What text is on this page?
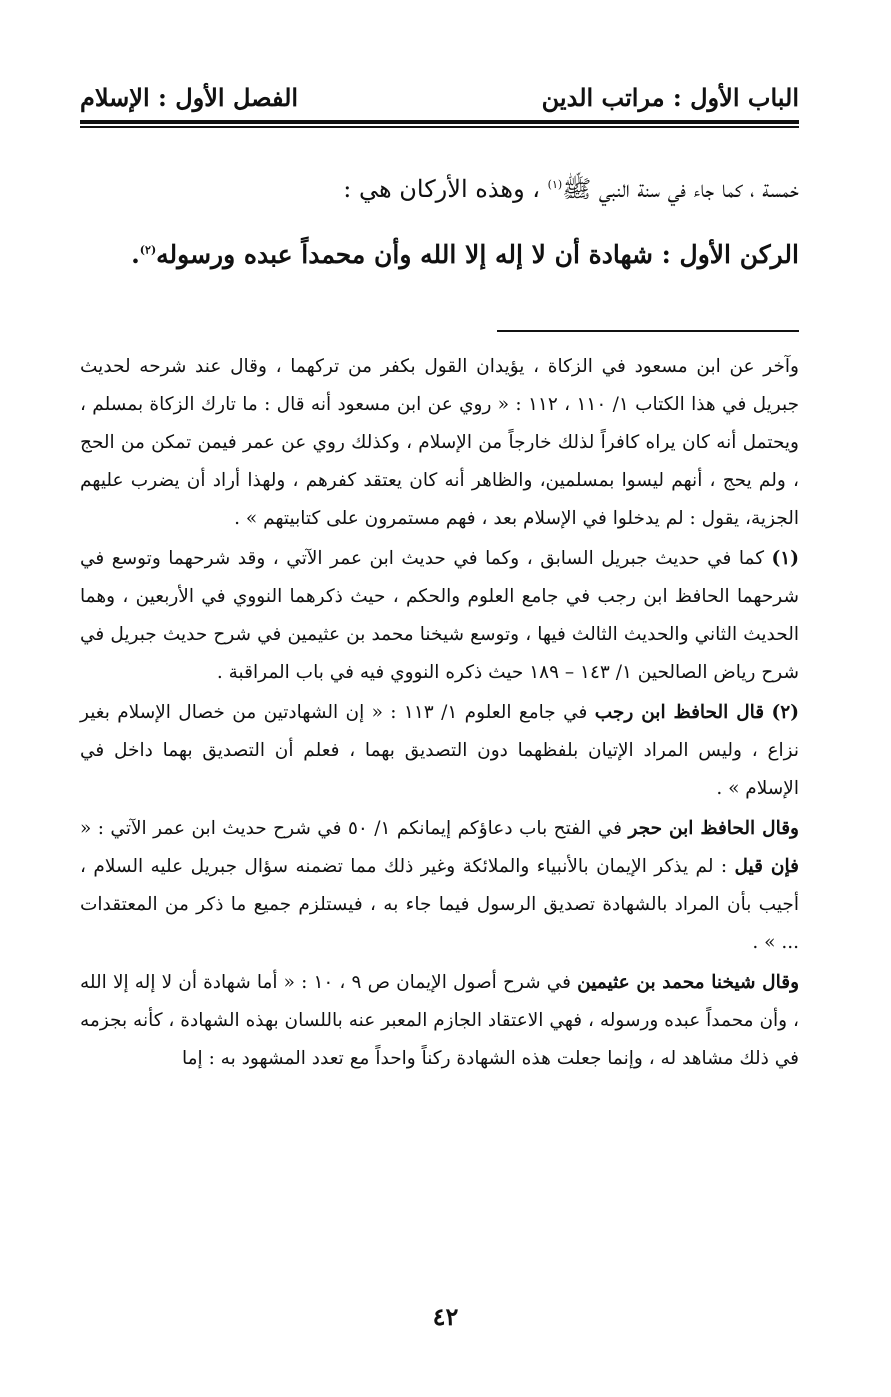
الباب الأول : مراتب الدين
الفصل الأول : الإسلام
خمسة ، كما جاء في سنة النبي ﷺ$^{(١)}$ ، وهذه الأركان هي :
الركن الأول : شهادة أن لا إله إلا الله وأن محمداً عبده ورسوله$^{(٢)}$.

وآخر عن ابن مسعود في الزكاة ، يؤيدان القول بكفر من تركهما ، وقال عند شرحه لحديث جبريل في هذا الكتاب ١/ ١١٠ ، ١١٢ : « روي عن ابن مسعود أنه قال : ما تارك الزكاة بمسلم ، ويحتمل أنه كان يراه كافراً لذلك خارجاً من الإسلام ، وكذلك روي عن عمر فيمن تمكن من الحج ، ولم يحج ، أنهم ليسوا بمسلمين، والظاهر أنه كان يعتقد كفرهم ، ولهذا أراد أن يضرب عليهم الجزية، يقول : لم يدخلوا في الإسلام بعد ، فهم مستمرون على كتابيتهم » .

(١) كما في حديث جبريل السابق ، وكما في حديث ابن عمر الآتي ، وقد شرحهما وتوسع في شرحهما الحافظ ابن رجب في جامع العلوم والحكم ، حيث ذكرهما النووي في الأربعين ، وهما الحديث الثاني والحديث الثالث فيها ، وتوسع شيخنا محمد بن عثيمين في شرح حديث جبريل في شرح رياض الصالحين ١/ ١٤٣ – ١٨٩ حيث ذكره النووي فيه في باب المراقبة .

(٢) قال الحافظ ابن رجب في جامع العلوم ١/ ١١٣ : « إن الشهادتين من خصال الإسلام بغير نزاع ، وليس المراد الإتيان بلفظهما دون التصديق بهما ، فعلم أن التصديق بهما داخل في الإسلام » .

وقال الحافظ ابن حجر في الفتح باب دعاؤكم إيمانكم ١/ ٥٠ في شرح حديث ابن عمر الآتي : « فإن قيل : لم يذكر الإيمان بالأنبياء والملائكة وغير ذلك مما تضمنه سؤال جبريل عليه السلام ، أجيب بأن المراد بالشهادة تصديق الرسول فيما جاء به ، فيستلزم جميع ما ذكر من المعتقدات ... » .

وقال شيخنا محمد بن عثيمين في شرح أصول الإيمان ص ٩ ، ١٠ : « أما شهادة أن لا إله إلا الله ، وأن محمداً عبده ورسوله ، فهي الاعتقاد الجازم المعبر عنه باللسان بهذه الشهادة ، كأنه بجزمه في ذلك مشاهد له ، وإنما جعلت هذه الشهادة ركناً واحداً مع تعدد المشهود به : إما

٤٢
